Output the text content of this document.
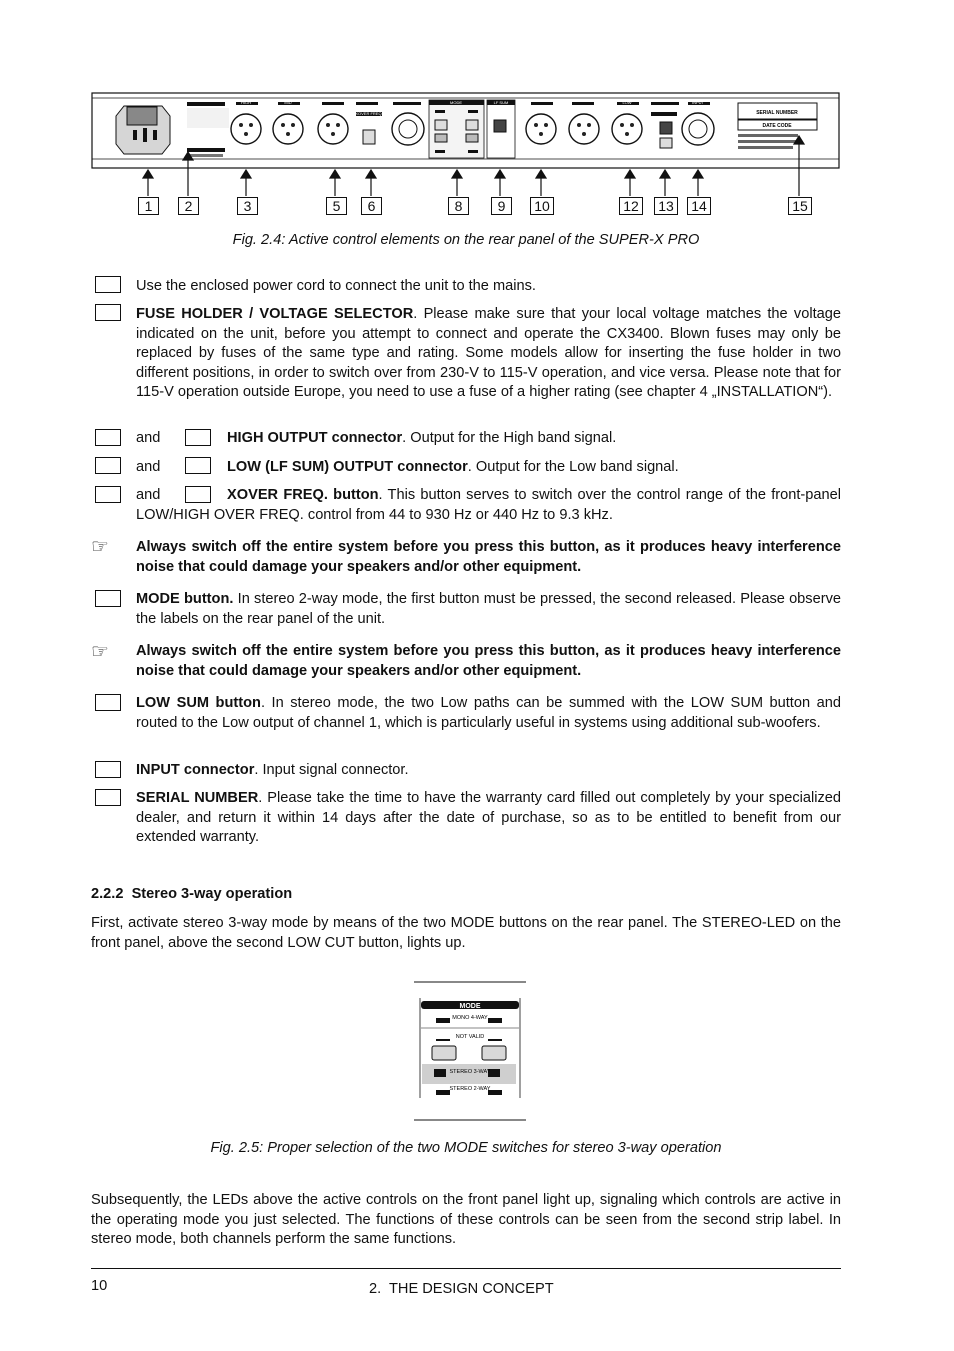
SERIAL NUMBER
DATE CODE
MODE	LF SUM
HIGH	MID	LOW	INPUT
XOVER FREQ.
1	2	3	5	6	8	9	10	12	13	14	15
Fig. 2.4: Active control elements on the rear panel of the SUPER-X PRO
Use the enclosed power cord to connect the unit to the mains.
FUSE HOLDER / VOLTAGE SELECTOR. Please make sure that your local voltage matches the voltage indicated on the unit, before you attempt to connect and operate the CX3400. Blown fuses may only be replaced by fuses of the same type and rating. Some models allow for inserting the fuse holder in two different positions, in order to switch over from 230-V to 115-V operation, and vice versa. Please note that for 115-V operation outside Europe, you need to use a fuse of a higher rating (see chapter 4 „INSTALLATION“).
and	HIGH OUTPUT connector. Output for the High band signal.
and	LOW (LF SUM) OUTPUT connector. Output for the Low band signal.
and	XOVER FREQ. button. This button serves to switch over the control range of the front-panel LOW/HIGH OVER FREQ. control from 44 to 930 Hz or 440 Hz to 9.3 kHz.
☞ Always switch off the entire system before you press this button, as it produces heavy interference noise that could damage your speakers and/or other equipment.
MODE button. In stereo 2-way mode, the first button must be pressed, the second released. Please observe the labels on the rear panel of the unit.
☞ Always switch off the entire system before you press this button, as it produces heavy interference noise that could damage your speakers and/or other equipment.
LOW SUM button. In stereo mode, the two Low paths can be summed with the LOW SUM button and routed to the Low output of channel 1, which is particularly useful in systems using additional sub-woofers.
INPUT connector. Input signal connector.
SERIAL NUMBER. Please take the time to have the warranty card filled out completely by your specialized dealer, and return it within 14 days after the date of purchase, so as to be entitled to benefit from our extended warranty.
2.2.2  Stereo 3-way operation
First, activate stereo 3-way mode by means of the two MODE buttons on the rear panel. The STEREO-LED on the front panel, above the second LOW CUT button, lights up.
MODE
MONO 4-WAY
NOT VALID
STEREO 3-WAY
STEREO 2-WAY
Fig. 2.5: Proper selection of the two MODE switches for stereo 3-way operation
Subsequently, the LEDs above the active controls on the front panel light up, signaling which controls are active in the operating mode you just selected. The functions of these controls can be seen from the second strip label. In stereo mode, both channels perform the same functions.
10	2.  THE DESIGN CONCEPT
